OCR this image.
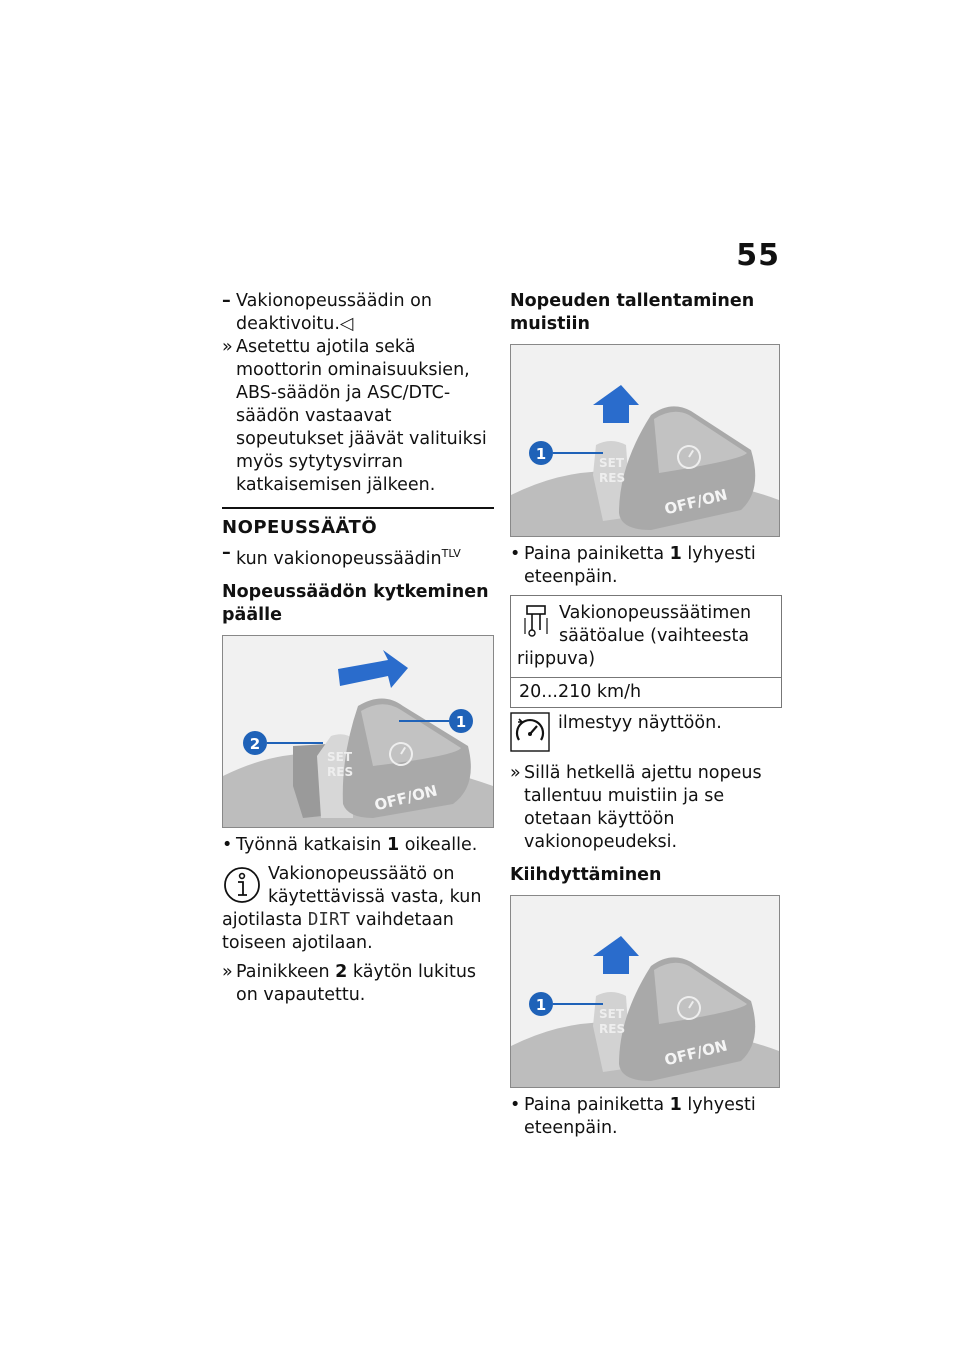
55
– Vakionopeussäädin on deaktivoitu.◁
» Asetettu ajotila sekä moottorin ominaisuuksien, ABS-säädön ja ASC/DTC-säädön vastaavat sopeutukset jäävät valituiksi myös sytytysvirran katkaisemisen jälkeen.
NOPEUSSÄÄTÖ
– kun vakionopeussäädin$^{TLV}$
Nopeussäädön kytkeminen päälle
SET
RES
OFF/ON
1
2
• Työnnä katkaisin 1 oikealle.
Vakionopeussäätö on käytettävissä vasta, kun ajotilasta DIRT vaihdetaan toiseen ajotilaan.
» Painikkeen 2 käytön lukitus on vapautettu.
Nopeuden tallentaminen muistiin
SET
RES
OFF/ON
1
• Paina painiketta 1 lyhyesti eteenpäin.
Vakionopeussäätimen säätöalue (vaihteesta riippuva)
20...210 km/h
ilmestyy näyttöön.
» Sillä hetkellä ajettu nopeus tallentuu muistiin ja se otetaan käyttöön vakionopeudeksi.
Kiihdyttäminen
SET
RES
OFF/ON
1
• Paina painiketta 1 lyhyesti eteenpäin.
